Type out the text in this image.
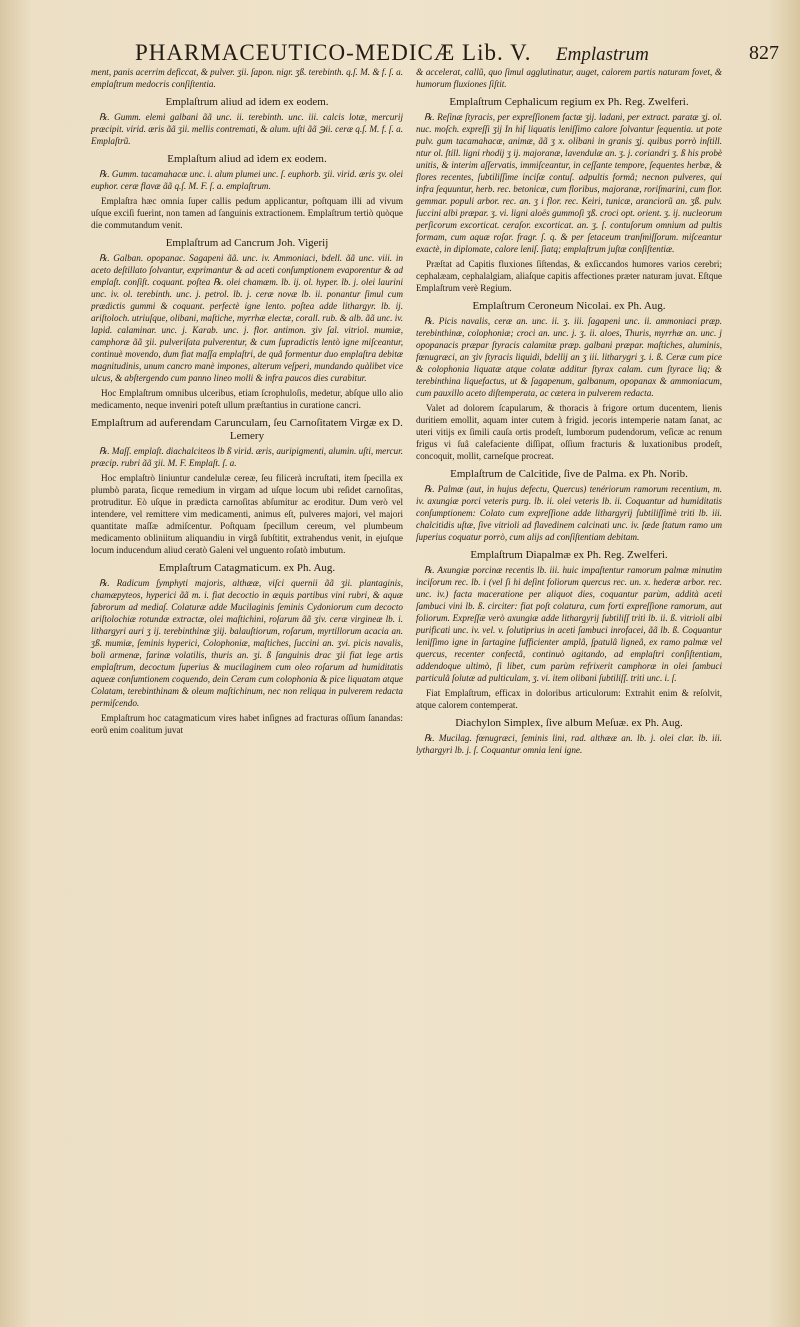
PHARMACEUTICO-MEDICÆ Lib. V. Emplastrum	827

ment, panis acerrim deficcat, & pulver. ʒii. ſapon. nigr. ʒß. terebinth. q.ſ. M. & f. ſ. a. emplaſtrum medocris conſiſtentia.

Emplaſtrum aliud ad idem ex eodem.

℞. Gumm. elemi galbani ãã unc. ii. terebinth. unc. iii. calcis lotæ, mercurij præcipit. virid. æris ãã ʒii. mellis contremati, & alum. uſti ãã ℈ii. ceræ q.ſ. M. f. ſ. a. Emplaſtrũ.

Emplaſtum aliud ad idem ex eodem.

℞. Gumm. tacamahacæ unc. i. alum plumei unc. ſ. euphorb. ʒii. virid. æris ʒv. olei euphor. ceræ flavæ ãã q.ſ. M. F. ſ. a. emplaſtrum.

Emplaſtra hæc omnia ſuper callis pedum applicantur, poſtquam illi ad vivum uſque exciſi fuerint, non tamen ad ſanguinis extractionem. Emplaſtrum tertiò quòque die commutandum venit.

Emplaſtrum ad Cancrum Joh. Vigerij

℞. Galban. opopanac. Sagapeni ãã. unc. iv. Ammoniaci, bdell. ãã unc. viii. in aceto deſtillato ſolvantur, exprimantur & ad aceti conſumptionem evaporentur & ad emplaſt. conſiſt. coquant. poſtea ℞. olei chamæm. lb. ij. ol. hyper. lb. j. olei laurini unc. iv. ol. terebinth. unc. j. petrol. lb. j. ceræ novæ lb. ii. ponantur ſimul cum prædictis gummi & coquant. perfectè igne lento. poſtea adde lithargyr. lb. ij. ariſtoloch. utriuſque, olibani, maſtiche, myrrhæ electæ, corall. rub. & alb. ãã unc. iv. lapid. calaminar. unc. j. Karab. unc. j. flor. antimon. ʒiv ſal. vitriol. mumiæ, camphoræ ãã ʒii. pulveriſata pulverentur, & cum ſupradictis lentò igne miſceantur, continuè movendo, dum fiat maſſa emplaſtri, de quâ formentur duo emplaſtra debitæ magnitudinis, unum cancro manè impones, alterum veſperi, mundando quàlibet vice ulcus, & abſtergendo cum panno lineo molli & infra paucos dies curabitur.

Hoc Emplaſtrum omnibus ulceribus, etiam ſcrophuloſis, medetur, abſque ullo alio medicamento, neque inveniri poteſt ullum præſtantius in curatione cancri.

Emplaſtrum ad auferendam Carunculam, ſeu Carnoſitatem Virgæ ex D. Lemery

℞. Maſſ. emplaſt. diachalciteos lb ß virid. æris, auripigmenti, alumin. uſti, mercur. præcip. rubri ãã ʒii. M. F. Emplaſt. ſ. a.

Hoc emplaſtrò liniuntur candelulæ cereæ, ſeu filicerà incruſtati, item ſpecilla ex plumbò parata, ſicque remedium in virgam ad uſque locum ubi reſidet carnoſitas, protruditur. Eò uſque in prædicta carnoſitas abſumitur ac eroditur. Dum verò vel intendere, vel remittere vim medicamenti, animus eſt, pulveres majori, vel majori quantitate maſſæ admiſcentur. Poſtquam ſpecillum cereum, vel plumbeum medicamento obliniitum aliquandiu in virgâ ſubſtitit, extrahendus venit, in ejuſque locum inducendum aliud ceratò Galeni vel unguento roſatò imbutum.

Emplaſtrum Catagmaticum. ex Ph. Aug.

℞. Radicum ſymphyti majoris, althææ, viſci quernii ãã ʒii. plantaginis, chamæpyteos, hyperici ãã m. i. fiat decoctio in æquis partibus vini rubri, & aquæ fabrorum ad mediaſ. Colaturæ adde Mucilaginis ſeminis Cydoniorum cum decocto ariſtolochiæ rotundæ extractæ, olei maſtichini, roſarum ãã ʒiv. ceræ virgineæ lb. i. lithargyri auri ʒ ij. terebinthinæ ʒiij. balauſtiorum, roſarum, myrtillorum acacia an. ʒß. mumiæ, ſeminis hyperici, Colophoniæ, maſtiches, ſuccini an. ʒvi. picis navalis, boli armenæ, farinæ volatilis, thuris an. ʒi. ß ſanguinis drac ʒii fiat lege artis emplaſtrum, decoctum ſuperius & mucilaginem cum oleo roſarum ad humiditatis aqueæ conſumtionem coquendo, dein Ceram cum colophonia & pice liquatam atque Colatam, terebinthinam & oleum maſtichinum, nec non reliqua in pulverem redacta permiſcendo.

Emplaſtrum hoc catagmaticum vires habet inſignes ad fracturas oſſium ſanandas: eorũ enim coalitum juvat

& accelerat, callũ, quo ſimul agglutinatur, auget, calorem partis naturam fovet, & humorum fluxiones ſiſtit.

Emplaſtrum Cephalicum regium ex Ph. Reg. Zwelferi.

℞. Reſinæ ſtyracis, per expreſſionem factæ ʒij. ladani, per extract. paratæ ʒj. ol. nuc. moſch. expreſſi ʒij In hiſ liquatis leniſſimo calore ſolvantur ſequentia. ut pote pulv. gum tacamahacæ, animæ, ãã ʒ x. olibani in granis ʒj. quibus porrò inſtill. ntur ol. ſtill. ligni rhodij ʒ ij. majoranæ, lavendulæ an. ʒ. j. coriandri ʒ. ß his probè unitis, & interim aſſervatis, immiſceantur, in ceſſante tempore, ſequentes herbæ, & flores recentes, ſubtiliſſime inciſæ contuſ. adpultis formâ; necnon pulveres, qui infra ſequuntur, herb. rec. betonicæ, cum floribus, majoranæ, roriſmarini, cum flor. gemmar. populi arbor. rec. an. ʒ i flor. rec. Keiri, tunicæ, aranciorũ an. ʒß. pulv. ſuccini albi præpar. ʒ. vi. ligni aloës gummoſi ʒß. croci opt. orient. ʒ. ij. nucleorum perſicorum excorticat. ceraſor. excorticat. an. ʒ. ſ. contuſorum omnium ad pultis formam, cum aquæ roſar. fragr. ſ. q. & per ſetaceum tranſmiſſorum. miſceantur exactè, in diplomate, calore leniſ. ſiatq; emplaſtrum juſtæ conſiſtentiæ.

Præſtat ad Capitis fluxiones ſiſtendas, & exſiccandos humores varios cerebri; cephalæam, cephalalgiam, aliaſque capitis affectiones præter naturam juvat. Eſtque Emplaſtrum verè Regium.

Emplaſtrum Ceroneum Nicolai. ex Ph. Aug.

℞. Picis navalis, ceræ an. unc. ii. ʒ. iii. ſagapeni unc. ii. ammoniaci præp. terebinthinæ, colophoniæ; croci an. unc. j. ʒ. ii. aloes, Thuris, myrrhæ an. unc. j opopanacis præpar ſtyracis calamitæ præp. galbani præpar. maſtiches, aluminis, fœnugræci, an ʒiv ſtyracis liquidi, bdellij an ʒ iii. litharygri ʒ. i. ß. Ceræ cum pice & colophonia liquatæ atque colatæ additur ſtyrax calam. cum ſtyrace liq; & terebinthina liquefactus, ut & ſagapenum, galbanum, opopanax & ammoniacum, cum pauxillo aceto diſtemperata, ac cætera in pulverem redacta.

Valet ad dolorem ſcapularum, & thoracis à frigore ortum ducentem, lienis duritiem emollit, aquam inter cutem à frigid. jecoris intemperie natam ſanat, ac uteri vitijs ex ſimili cauſa ortis prodeſt, lumborum pudendorum, veſicæ ac renum frigus vi ſuâ calefaciente diſſipat, oſſium fracturis & luxationibus prodeſt, concoquit, mollit, carneſque procreat.

Emplaſtrum de Calcitide, ſive de Palma. ex Ph. Norib.

℞. Palmæ (aut, in hujus defectu, Quercus) tenériorum ramorum recentium, m. iv. axungiæ porci veteris purg. lb. ii. olei veteris lb. ii. Coquantur ad humiditatis conſumptionem: Colato cum expreſſione adde lithargyrij ſubtiliſſimè triti lb. iii. chalcitidis uſtæ, ſive vitrioli ad flavedinem calcinati unc. iv. ſæde ſtatum ramo um ſuperius coquatur porrò, cum alijs ad conſiſtentiam debitam.

Emplaſtrum Diapalmæ ex Ph. Reg. Zwelferi.

℞. Axungiæ porcinæ recentis lb. iii. huic impaſtentur ramorum palmæ minutim inciſorum rec. lb. i (vel ſi hi deſint foliorum quercus rec. un. x. hederæ arbor. rec. unc. iv.) facta maceratione per aliquot dies, coquantur parùm, addità aceti ſambuci vini lb. ß. circiter: fiat poſt colatura, cum forti expreſſione ramorum, aut foliorum. Expreſſæ verò axungiæ adde lithargyrij ſubtiliſſ triti lb. ii. ß. vitrioli albi purificati unc. iv. vel. v. ſolutiprius in aceti ſambuci inrofacei, ãã lb. ß. Coquantur leniſſimo igne in ſartagine ſufficienter amplâ, ſpatulâ ligneâ, ex ramo palmæ vel quercus, recenter confectâ, continuò agitando, ad emplaſtri conſiſtentiam, addendoque ultimò, ſi libet, cum parùm refrixerit camphoræ in olei ſambuci particulâ ſolutæ ad pulticulam, ʒ. vi. item olibani ſubtiliſſ. triti unc. i. ſ.

Fiat Emplaſtrum, efficax in doloribus articulorum: Extrahit enim & reſolvit, atque calorem contemperat.

Diachylon Simplex, ſive album Meſuæ. ex Ph. Aug.

℞. Mucilag. fœnugræci, ſeminis lini, rad. althææ an. lb. j. olei clar. lb. iii. lythargyri lb. j. ſ. Coquantur omnia leni igne.
